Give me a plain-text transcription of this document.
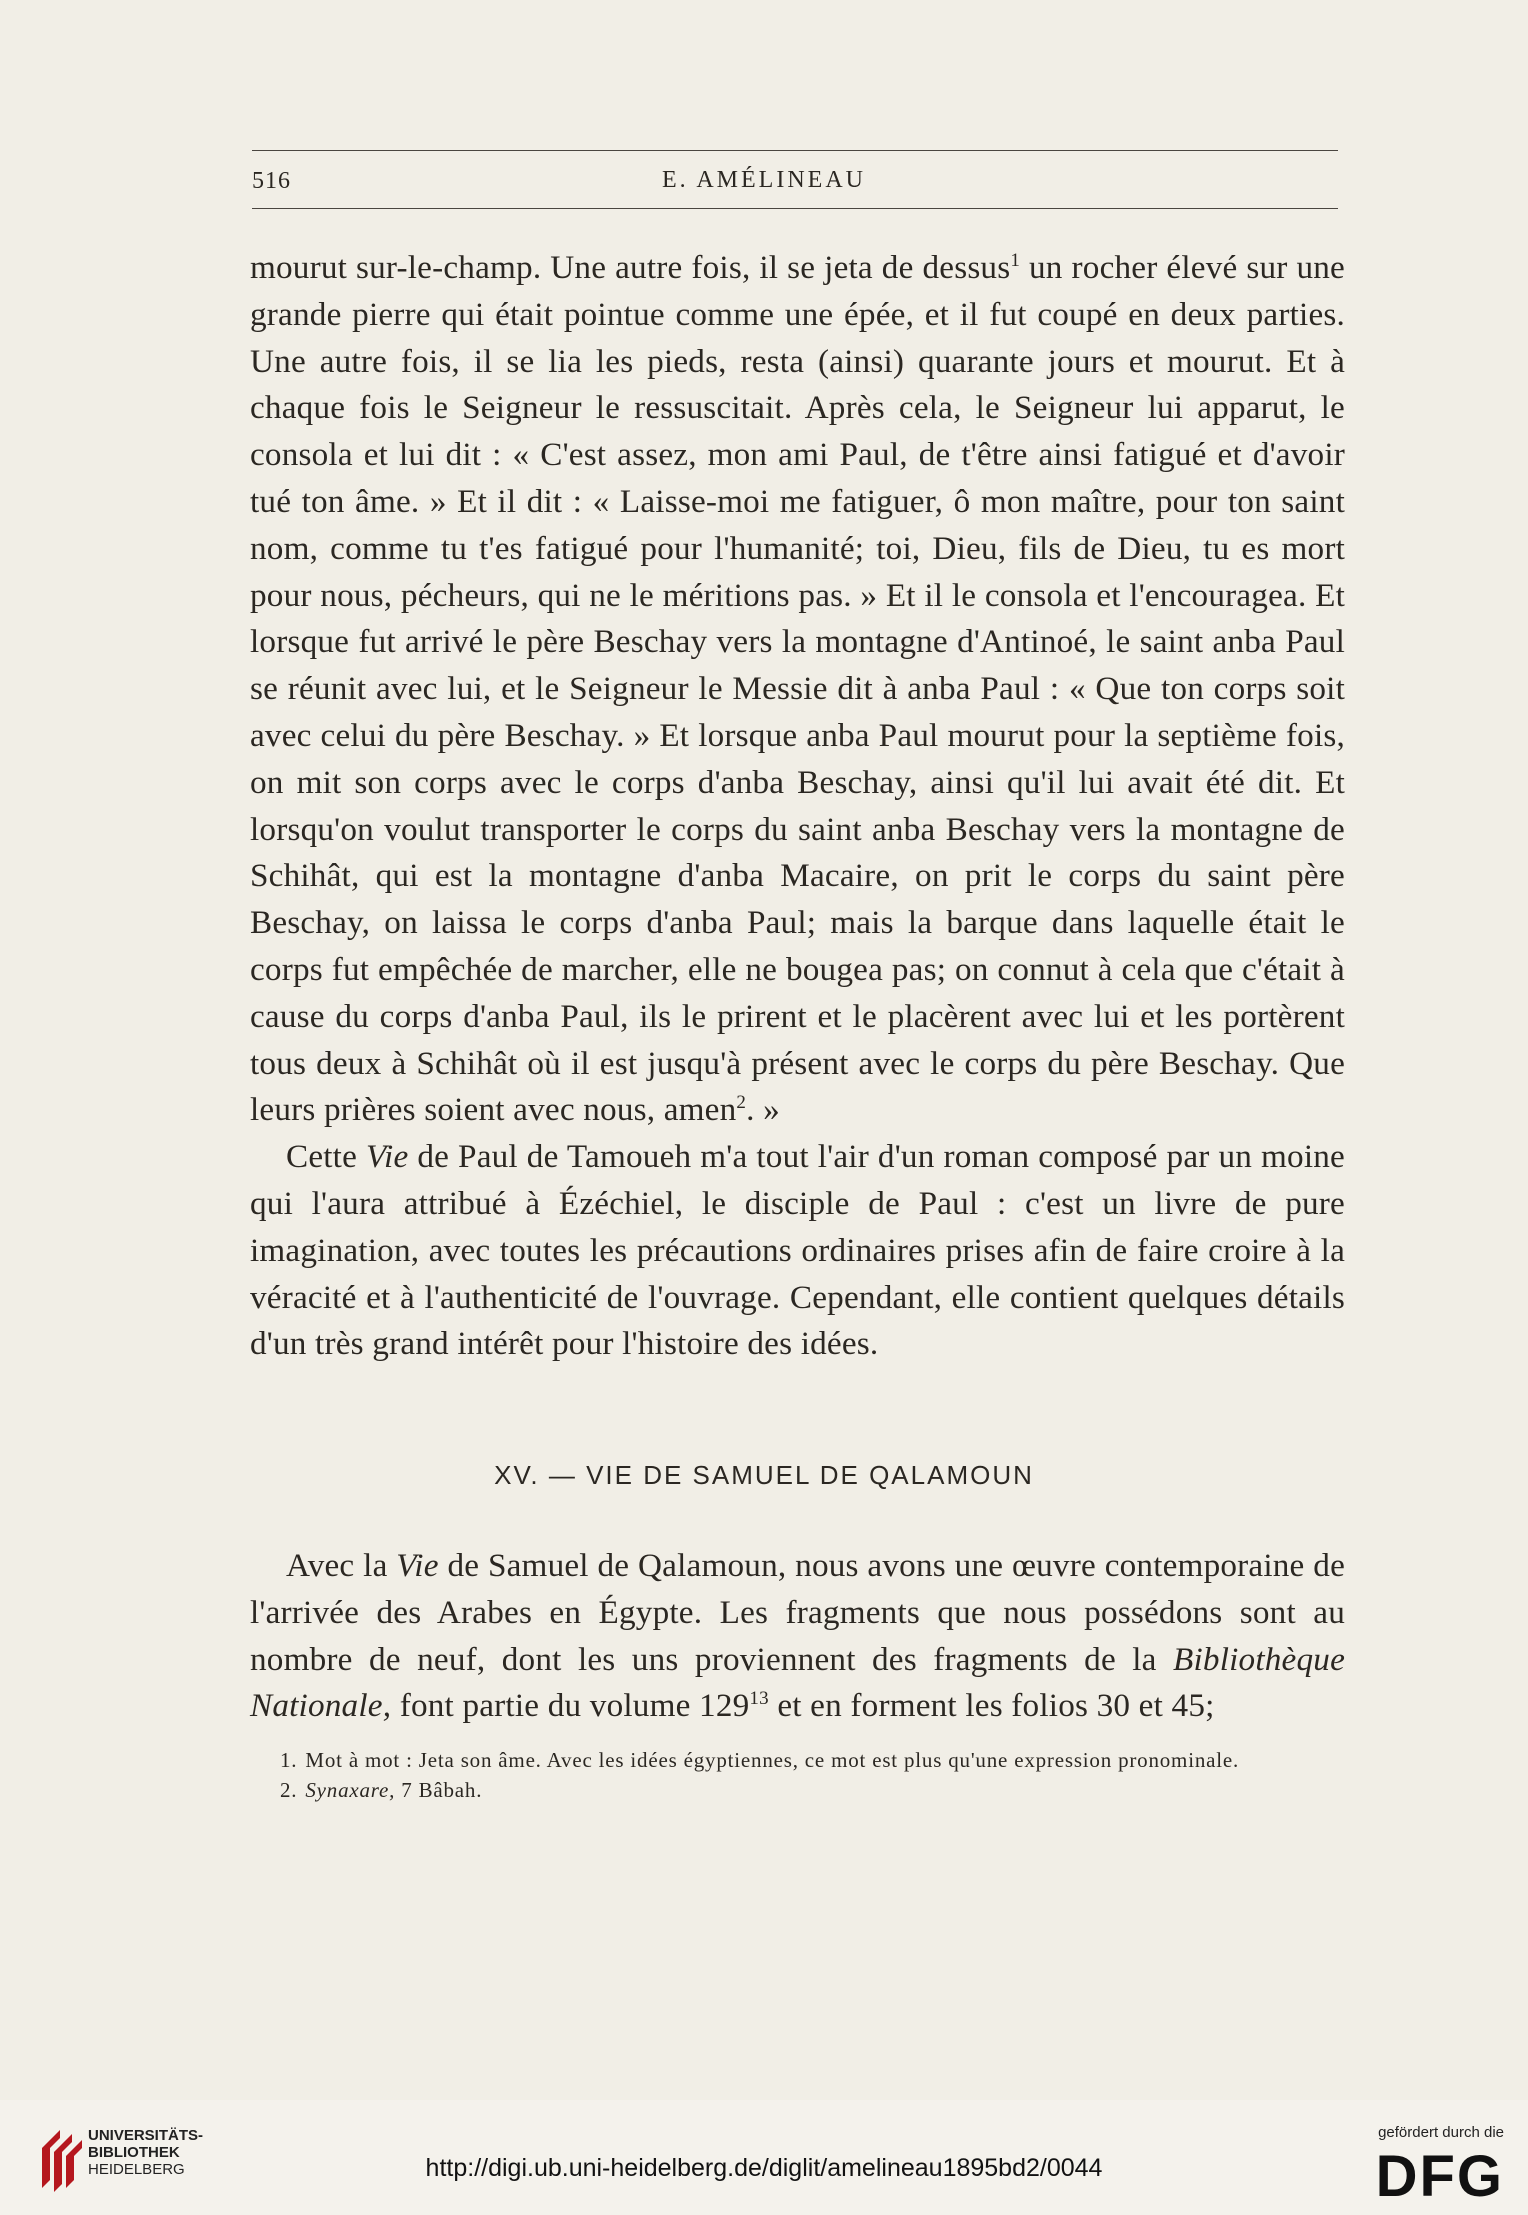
516	E. AMÉLINEAU

mourut sur-le-champ. Une autre fois, il se jeta de dessus$^1$ un rocher élevé sur une grande pierre qui était pointue comme une épée, et il fut coupé en deux parties. Une autre fois, il se lia les pieds, resta (ainsi) quarante jours et mourut. Et à chaque fois le Seigneur le ressuscitait. Après cela, le Seigneur lui apparut, le consola et lui dit : « C'est assez, mon ami Paul, de t'être ainsi fatigué et d'avoir tué ton âme. » Et il dit : « Laisse-moi me fatiguer, ô mon maître, pour ton saint nom, comme tu t'es fatigué pour l'humanité; toi, Dieu, fils de Dieu, tu es mort pour nous, pécheurs, qui ne le méritions pas. » Et il le consola et l'encouragea. Et lorsque fut arrivé le père Beschay vers la montagne d'Antinoé, le saint anba Paul se réunit avec lui, et le Seigneur le Messie dit à anba Paul : « Que ton corps soit avec celui du père Beschay. » Et lorsque anba Paul mourut pour la septième fois, on mit son corps avec le corps d'anba Beschay, ainsi qu'il lui avait été dit. Et lorsqu'on voulut transporter le corps du saint anba Beschay vers la montagne de Schihât, qui est la montagne d'anba Macaire, on prit le corps du saint père Beschay, on laissa le corps d'anba Paul; mais la barque dans laquelle était le corps fut empêchée de marcher, elle ne bougea pas; on connut à cela que c'était à cause du corps d'anba Paul, ils le prirent et le placèrent avec lui et les portèrent tous deux à Schihât où il est jusqu'à présent avec le corps du père Beschay. Que leurs prières soient avec nous, amen$^2$. »

Cette Vie de Paul de Tamoueh m'a tout l'air d'un roman composé par un moine qui l'aura attribué à Ézéchiel, le disciple de Paul : c'est un livre de pure imagination, avec toutes les précautions ordinaires prises afin de faire croire à la véracité et à l'authenticité de l'ouvrage. Cependant, elle contient quelques détails d'un très grand intérêt pour l'histoire des idées.

XV. — VIE DE SAMUEL DE QALAMOUN

Avec la Vie de Samuel de Qalamoun, nous avons une œuvre contemporaine de l'arrivée des Arabes en Égypte. Les fragments que nous possédons sont au nombre de neuf, dont les uns proviennent des fragments de la Bibliothèque Nationale, font partie du volume 129$^{13}$ et en forment les folios 30 et 45;

1. Mot à mot : Jeta son âme. Avec les idées égyptiennes, ce mot est plus qu'une expression pronominale.

2. Synaxare, 7 Bâbah.

UNIVERSITÄTS-
BIBLIOTHEK
HEIDELBERG	http://digi.ub.uni-heidelberg.de/diglit/amelineau1895bd2/0044
gefördert durch die
DFG
